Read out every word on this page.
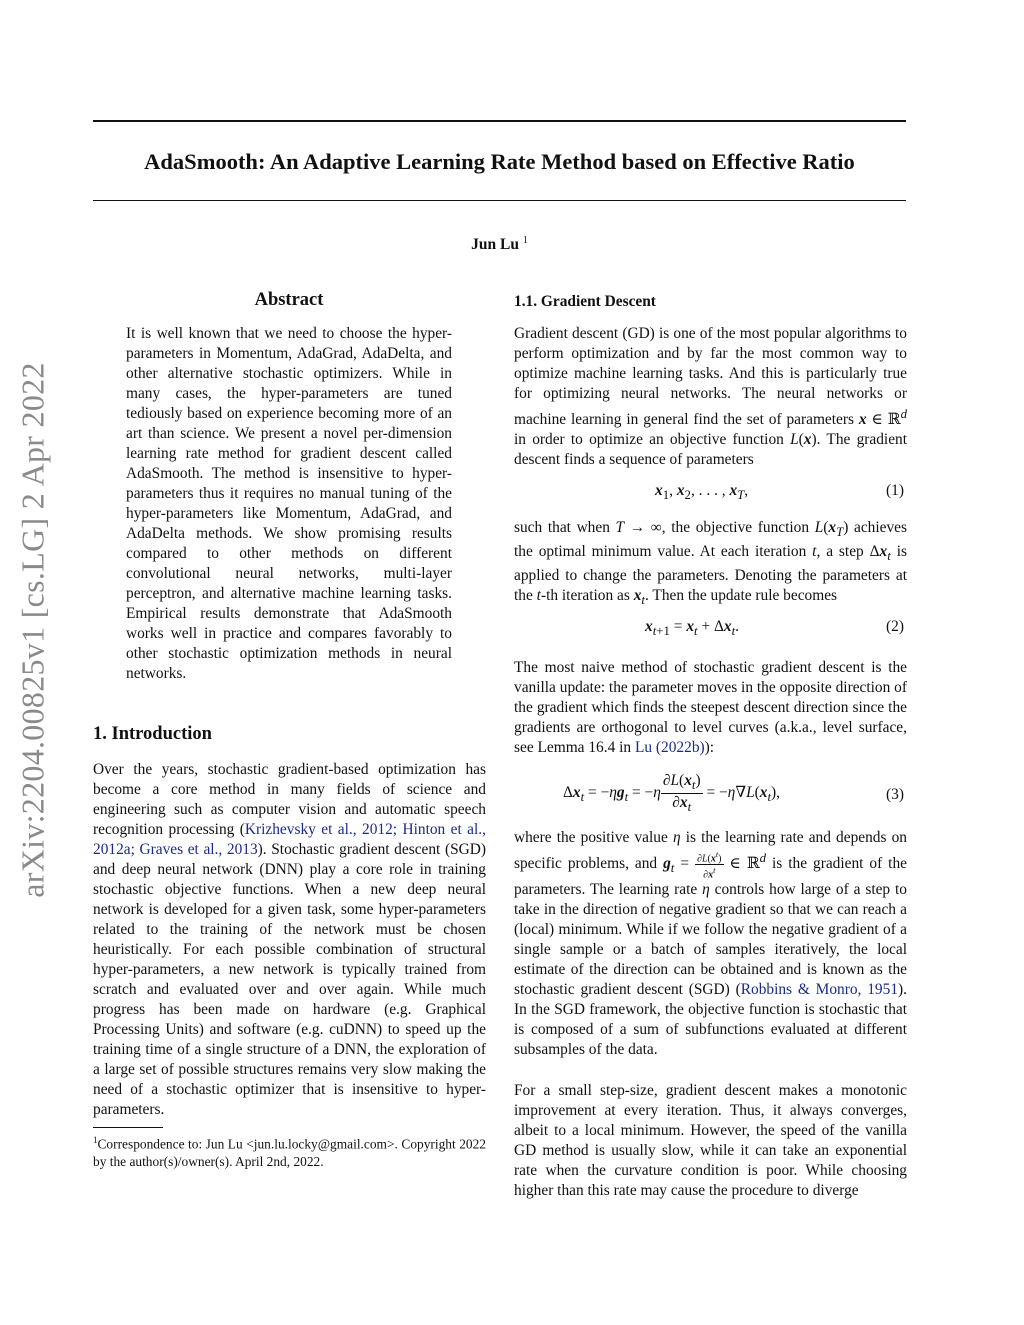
AdaSmooth: An Adaptive Learning Rate Method based on Effective Ratio
Jun Lu $^1$
arXiv:2204.00825v1 [cs.LG] 2 Apr 2022
Abstract

It is well known that we need to choose the hyper-parameters in Momentum, AdaGrad, AdaDelta, and other alternative stochastic optimizers. While in many cases, the hyper-parameters are tuned tediously based on experience becoming more of an art than science. We present a novel per-dimension learning rate method for gradient descent called AdaSmooth. The method is insensitive to hyper-parameters thus it requires no manual tuning of the hyper-parameters like Momentum, AdaGrad, and AdaDelta methods. We show promising results compared to other methods on different convolutional neural networks, multi-layer perceptron, and alternative machine learning tasks. Empirical results demonstrate that AdaSmooth works well in practice and compares favorably to other stochastic optimization methods in neural networks.

1. Introduction

Over the years, stochastic gradient-based optimization has become a core method in many fields of science and engineering such as computer vision and automatic speech recognition processing (Krizhevsky et al., 2012; Hinton et al., 2012a; Graves et al., 2013). Stochastic gradient descent (SGD) and deep neural network (DNN) play a core role in training stochastic objective functions. When a new deep neural network is developed for a given task, some hyper-parameters related to the training of the network must be chosen heuristically. For each possible combination of structural hyper-parameters, a new network is typically trained from scratch and evaluated over and over again. While much progress has been made on hardware (e.g. Graphical Processing Units) and software (e.g. cuDNN) to speed up the training time of a single structure of a DNN, the exploration of a large set of possible structures remains very slow making the need of a stochastic optimizer that is insensitive to hyper-parameters.

$^1$Correspondence to: Jun Lu <jun.lu.locky@gmail.com>. Copyright 2022 by the author(s)/owner(s). April 2nd, 2022.
1.1. Gradient Descent

Gradient descent (GD) is one of the most popular algorithms to perform optimization and by far the most common way to optimize machine learning tasks. And this is particularly true for optimizing neural networks. The neural networks or machine learning in general find the set of parameters x ∈ ℝ$^d$ in order to optimize an objective function L(x). The gradient descent finds a sequence of parameters

$x_1$, $x_2$, . . . , $x_T$,	(1)

such that when T → ∞, the objective function $L(x_T)$ achieves the optimal minimum value. At each iteration t, a step $\Delta x_t$ is applied to change the parameters. Denoting the parameters at the t-th iteration as $x_t$. Then the update rule becomes

$x_{t+1} = x_t + \Delta x_t$.	(2)

The most naive method of stochastic gradient descent is the vanilla update: the parameter moves in the opposite direction of the gradient which finds the steepest descent direction since the gradients are orthogonal to level curves (a.k.a., level surface, see Lemma 16.4 in Lu (2022b)):

$\Delta x_t = -\eta g_t = -\eta \frac{\partial L(x_t)}{\partial x_t} = -\eta\nabla L(x_t)$,	(3)

where the positive value η is the learning rate and depends on specific problems, and $g_t = \frac{\partial L(x^t)}{\partial x^t}$ ∈ ℝ$^d$ is the gradient of the parameters. The learning rate η controls how large of a step to take in the direction of negative gradient so that we can reach a (local) minimum. While if we follow the negative gradient of a single sample or a batch of samples iteratively, the local estimate of the direction can be obtained and is known as the stochastic gradient descent (SGD) (Robbins & Monro, 1951). In the SGD framework, the objective function is stochastic that is composed of a sum of subfunctions evaluated at different subsamples of the data.

For a small step-size, gradient descent makes a monotonic improvement at every iteration. Thus, it always converges, albeit to a local minimum. However, the speed of the vanilla GD method is usually slow, while it can take an exponential rate when the curvature condition is poor. While choosing higher than this rate may cause the procedure to diverge
